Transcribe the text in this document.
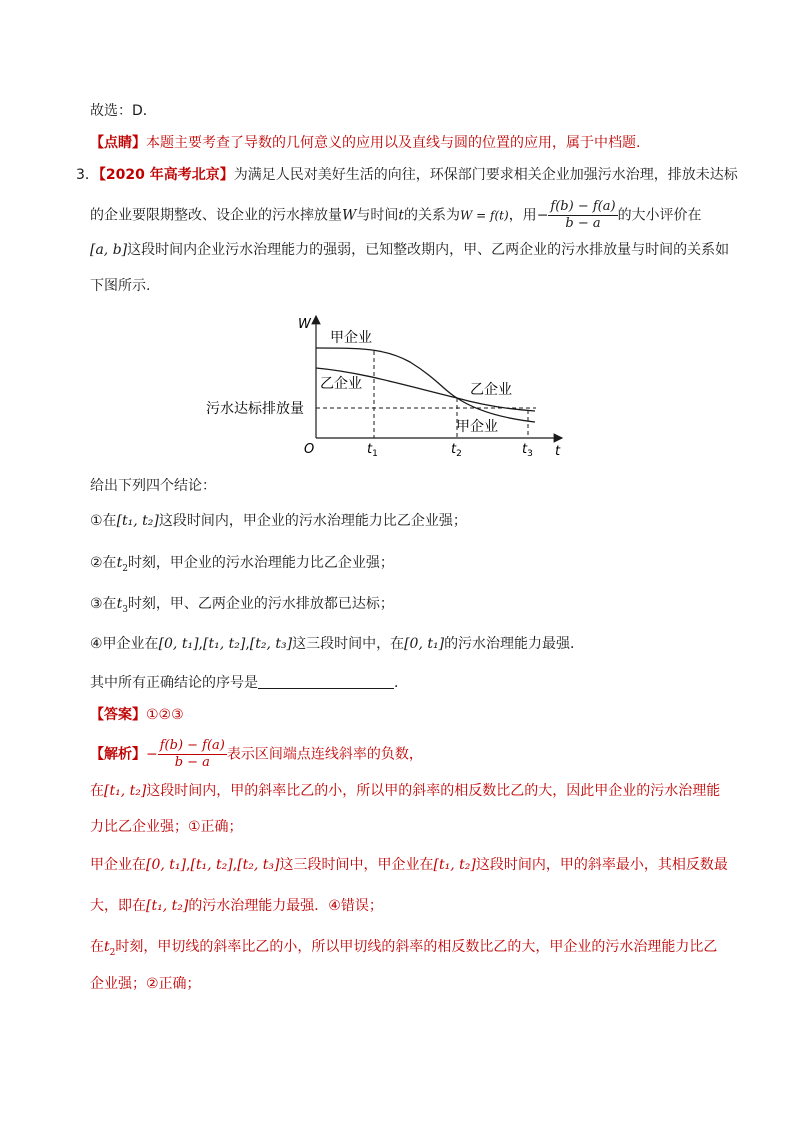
故选：D．
【点睛】本题主要考查了导数的几何意义的应用以及直线与圆的位置的应用，属于中档题.
3．【2020 年高考北京】为满足人民对美好生活的向往，环保部门要求相关企业加强污水治理，排放未达标
的企业要限期整改、设企业的污水摔放量W与时间t的关系为W = f(t)，用− $\frac{f(b) - f(a)}{b - a}$ 的大小评价在
[a, b]这段时间内企业污水治理能力的强弱，已知整改期内，甲、乙两企业的污水排放量与时间的关系如
下图所示.
W
t
O
甲企业
乙企业	乙企业
甲企业
污水达标排放量
$t_1$	$t_2$	$t_3$
给出下列四个结论：
①在[t₁, t₂]这段时间内，甲企业的污水治理能力比乙企业强；
②在$t_2$时刻，甲企业的污水治理能力比乙企业强；
③在$t_3$时刻，甲、乙两企业的污水排放都已达标；
④甲企业在[0, t₁],[t₁, t₂],[t₂, t₃]这三段时间中，在[0, t₁]的污水治理能力最强．
其中所有正确结论的序号是	．
【答案】①②③
【解析】− $\frac{f(b) - f(a)}{b - a}$ 表示区间端点连线斜率的负数，
在[t₁, t₂]这段时间内，甲的斜率比乙的小，所以甲的斜率的相反数比乙的大，因此甲企业的污水治理能
力比乙企业强；①正确；
甲企业在[0, t₁],[t₁, t₂],[t₂, t₃]这三段时间中，甲企业在[t₁, t₂]这段时间内，甲的斜率最小，其相反数最
大，即在[t₁, t₂]的污水治理能力最强．④错误；
在$t_2$时刻，甲切线的斜率比乙的小，所以甲切线的斜率的相反数比乙的大，甲企业的污水治理能力比乙
企业强；②正确；
